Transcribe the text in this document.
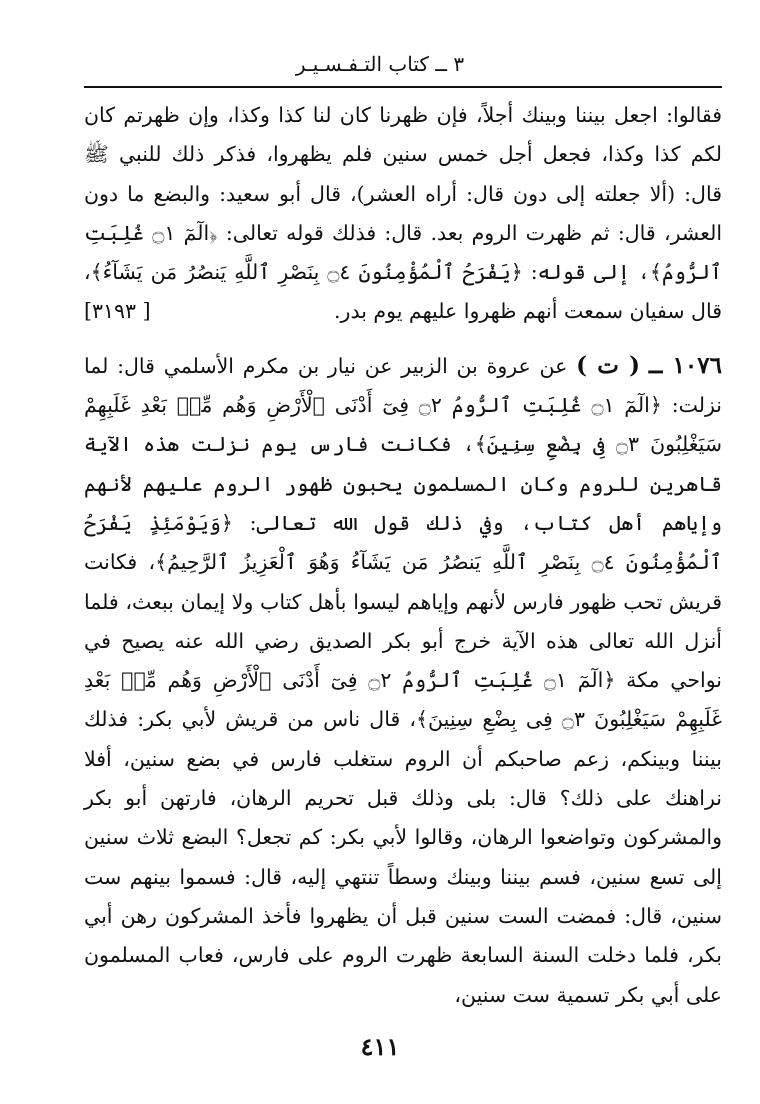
٣ ــ كتاب التـفـسـيـر

فقالوا: اجعل بيننا وبينك أجلاً، فإن ظهرنا كان لنا كذا وكذا، وإن ظهرتم كان لكم كذا وكذا، فجعل أجل خمس سنين فلم يظهروا، فذكر ذلك للنبي ﷺ قال: (ألا جعلته إلى دون قال: أراه العشر)، قال أبو سعيد: والبضع ما دون العشر، قال: ثم ظهرت الروم بعد. قال: فذلك قوله تعالى: ﴿الٓمٓ ۝١ غُلِبَتِ ٱلرُّومُ﴾، إلى قوله: ﴿يَفْرَحُ ٱلْمُؤْمِنُونَ ۝٤ بِنَصْرِ ٱللَّهِ يَنصُرُ مَن يَشَآءُ﴾، قال سفيان سمعت أنهم ظهروا عليهم يوم بدر.
[ ٣١٩٣]

١٠٧٦ ــ ( ت ) عن عروة بن الزبير عن نيار بن مكرم الأسلمي قال: لما نزلت: ﴿الٓمٓ ۝١ غُلِبَتِ ٱلرُّومُ ۝٢ فِىٓ أَدْنَى ٱلْأَرْضِ وَهُم مِّنۢ بَعْدِ غَلَبِهِمْ سَيَغْلِبُونَ ۝٣ فِى بِضْعِ سِنِينَ﴾، فكانت فارس يوم نزلت هذه الآية قاهرين للروم وكان المسلمون يحبون ظهور الروم عليهم لأنهم وإياهم أهل كتاب، وفي ذلك قول الله تعالى: ﴿وَيَوْمَئِذٍ يَفْرَحُ ٱلْمُؤْمِنُونَ ۝٤ بِنَصْرِ ٱللَّهِ يَنصُرُ مَن يَشَآءُ وَهُوَ ٱلْعَزِيزُ ٱلرَّحِيمُ﴾، فكانت قريش تحب ظهور فارس لأنهم وإياهم ليسوا بأهل كتاب ولا إيمان ببعث، فلما أنزل الله تعالى هذه الآية خرج أبو بكر الصديق رضي الله عنه يصيح في نواحي مكة ﴿الٓمٓ ۝١ غُلِبَتِ ٱلرُّومُ ۝٢ فِىٓ أَدْنَى ٱلْأَرْضِ وَهُم مِّنۢ بَعْدِ غَلَبِهِمْ سَيَغْلِبُونَ ۝٣ فِى بِضْعِ سِنِينَ﴾، قال ناس من قريش لأبي بكر: فذلك بيننا وبينكم، زعم صاحبكم أن الروم ستغلب فارس في بضع سنين، أفلا نراهنك على ذلك؟ قال: بلى وذلك قبل تحريم الرهان، فارتهن أبو بكر والمشركون وتواضعوا الرهان، وقالوا لأبي بكر: كم تجعل؟ البضع ثلاث سنين إلى تسع سنين، فسم بيننا وبينك وسطاً تنتهي إليه، قال: فسموا بينهم ست سنين، قال: فمضت الست سنين قبل أن يظهروا فأخذ المشركون رهن أبي بكر، فلما دخلت السنة السابعة ظهرت الروم على فارس، فعاب المسلمون على أبي بكر تسمية ست سنين،

٤١١
